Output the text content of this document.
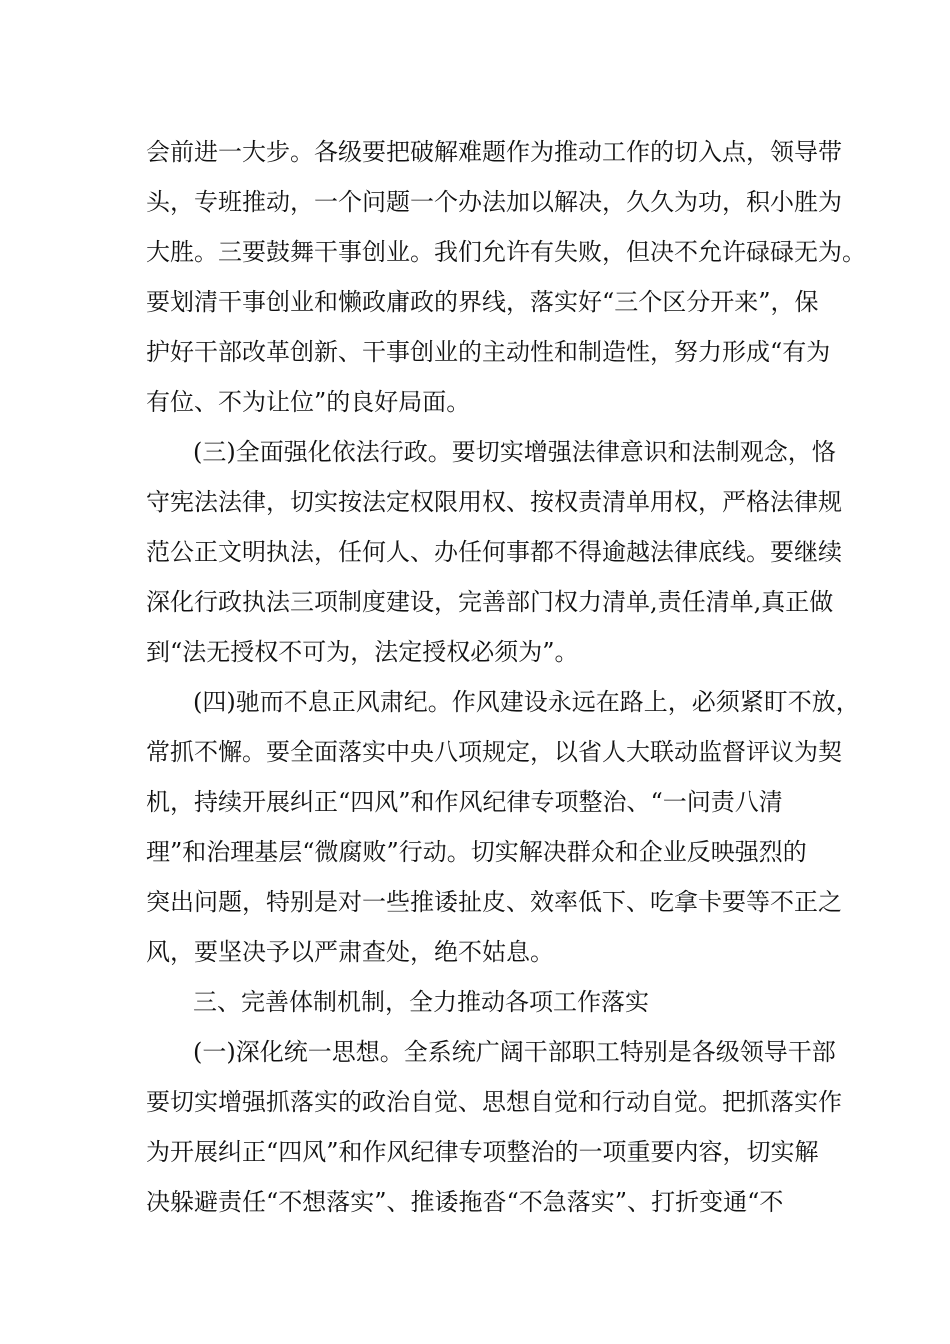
会前进一大步。各级要把破解难题作为推动工作的切入点，领导带
头，专班推动，一个问题一个办法加以解决，久久为功，积小胜为
大胜。三要鼓舞干事创业。我们允许有失败，但决不允许碌碌无为。
要划清干事创业和懒政庸政的界线，落实好“三个区分开来”，保
护好干部改革创新、干事创业的主动性和制造性，努力形成“有为
有位、不为让位”的良好局面。
(三)全面强化依法行政。要切实增强法律意识和法制观念，恪
守宪法法律，切实按法定权限用权、按权责清单用权，严格法律规
范公正文明执法，任何人、办任何事都不得逾越法律底线。要继续
深化行政执法三项制度建设，完善部门权力清单,责任清单,真正做
到“法无授权不可为，法定授权必须为”。
(四)驰而不息正风肃纪。作风建设永远在路上，必须紧盯不放，
常抓不懈。要全面落实中央八项规定，以省人大联动监督评议为契
机，持续开展纠正“四风”和作风纪律专项整治、“一问责八清
理”和治理基层“微腐败”行动。切实解决群众和企业反映强烈的
突出问题，特别是对一些推诿扯皮、效率低下、吃拿卡要等不正之
风，要坚决予以严肃查处，绝不姑息。
三、完善体制机制，全力推动各项工作落实
(一)深化统一思想。全系统广阔干部职工特别是各级领导干部
要切实增强抓落实的政治自觉、思想自觉和行动自觉。把抓落实作
为开展纠正“四风”和作风纪律专项整治的一项重要内容，切实解
决躲避责任“不想落实”、推诿拖沓“不急落实”、打折变通“不
